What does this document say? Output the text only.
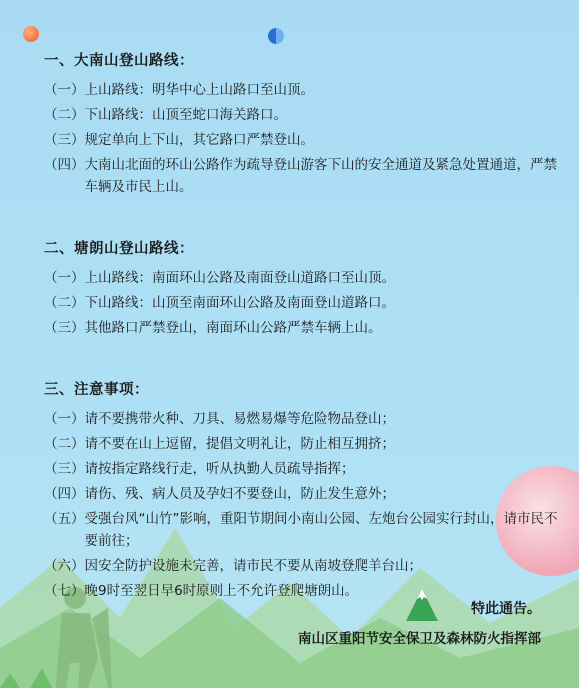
一、大南山登山路线：
（一） 上山路线：明华中心上山路口至山顶。
（二） 下山路线：山顶至蛇口海关路口。
（三） 规定单向上下山，其它路口严禁登山。
（四） 大南山北面的环山公路作为疏导登山游客下山的安全通道及紧急处置通道，严禁车辆及市民上山。
二、塘朗山登山路线：
（一） 上山路线：南面环山公路及南面登山道路口至山顶。
（二） 下山路线：山顶至南面环山公路及南面登山道路口。
（三） 其他路口严禁登山，南面环山公路严禁车辆上山。
三、注意事项：
（一） 请不要携带火种、刀具、易燃易爆等危险物品登山；
（二） 请不要在山上逗留，提倡文明礼让，防止相互拥挤；
（三） 请按指定路线行走，听从执勤人员疏导指挥；
（四） 请伤、残、病人员及孕妇不要登山，防止发生意外；
（五） 受强台风“山竹”影响，重阳节期间小南山公园、左炮台公园实行封山，请市民不要前往；
（六） 因安全防护设施未完善，请市民不要从南坡登爬羊台山；
（七） 晚9时至翌日早6时原则上不允许登爬塘朗山。
特此通告。
南山区重阳节安全保卫及森林防火指挥部
